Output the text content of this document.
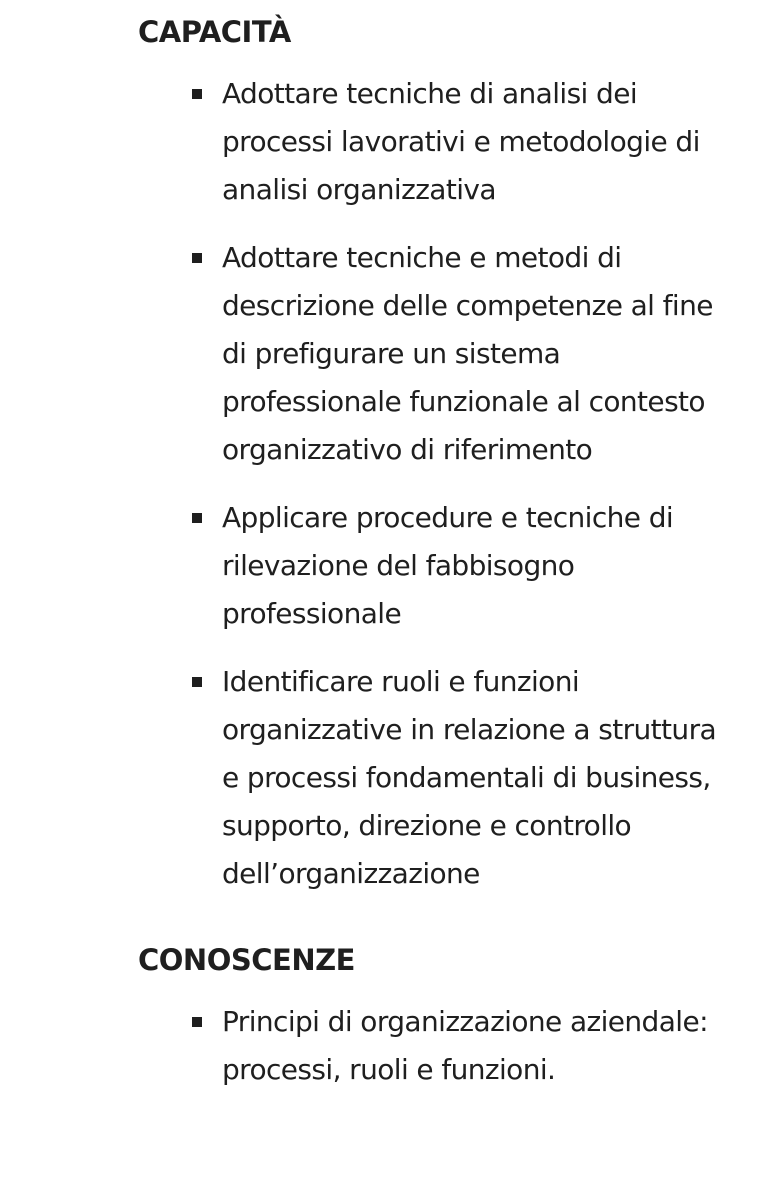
CAPACITÀ
Adottare tecniche di analisi dei processi lavorativi e metodologie di analisi organizzativa
Adottare tecniche e metodi di descrizione delle competenze al fine di prefigurare un sistema professionale funzionale al contesto organizzativo di riferimento
Applicare procedure e tecniche di rilevazione del fabbisogno professionale
Identificare ruoli e funzioni organizzative in relazione a struttura e processi fondamentali di business, supporto, direzione e controllo dell’organizzazione
CONOSCENZE
Principi di organizzazione aziendale: processi, ruoli e funzioni.
